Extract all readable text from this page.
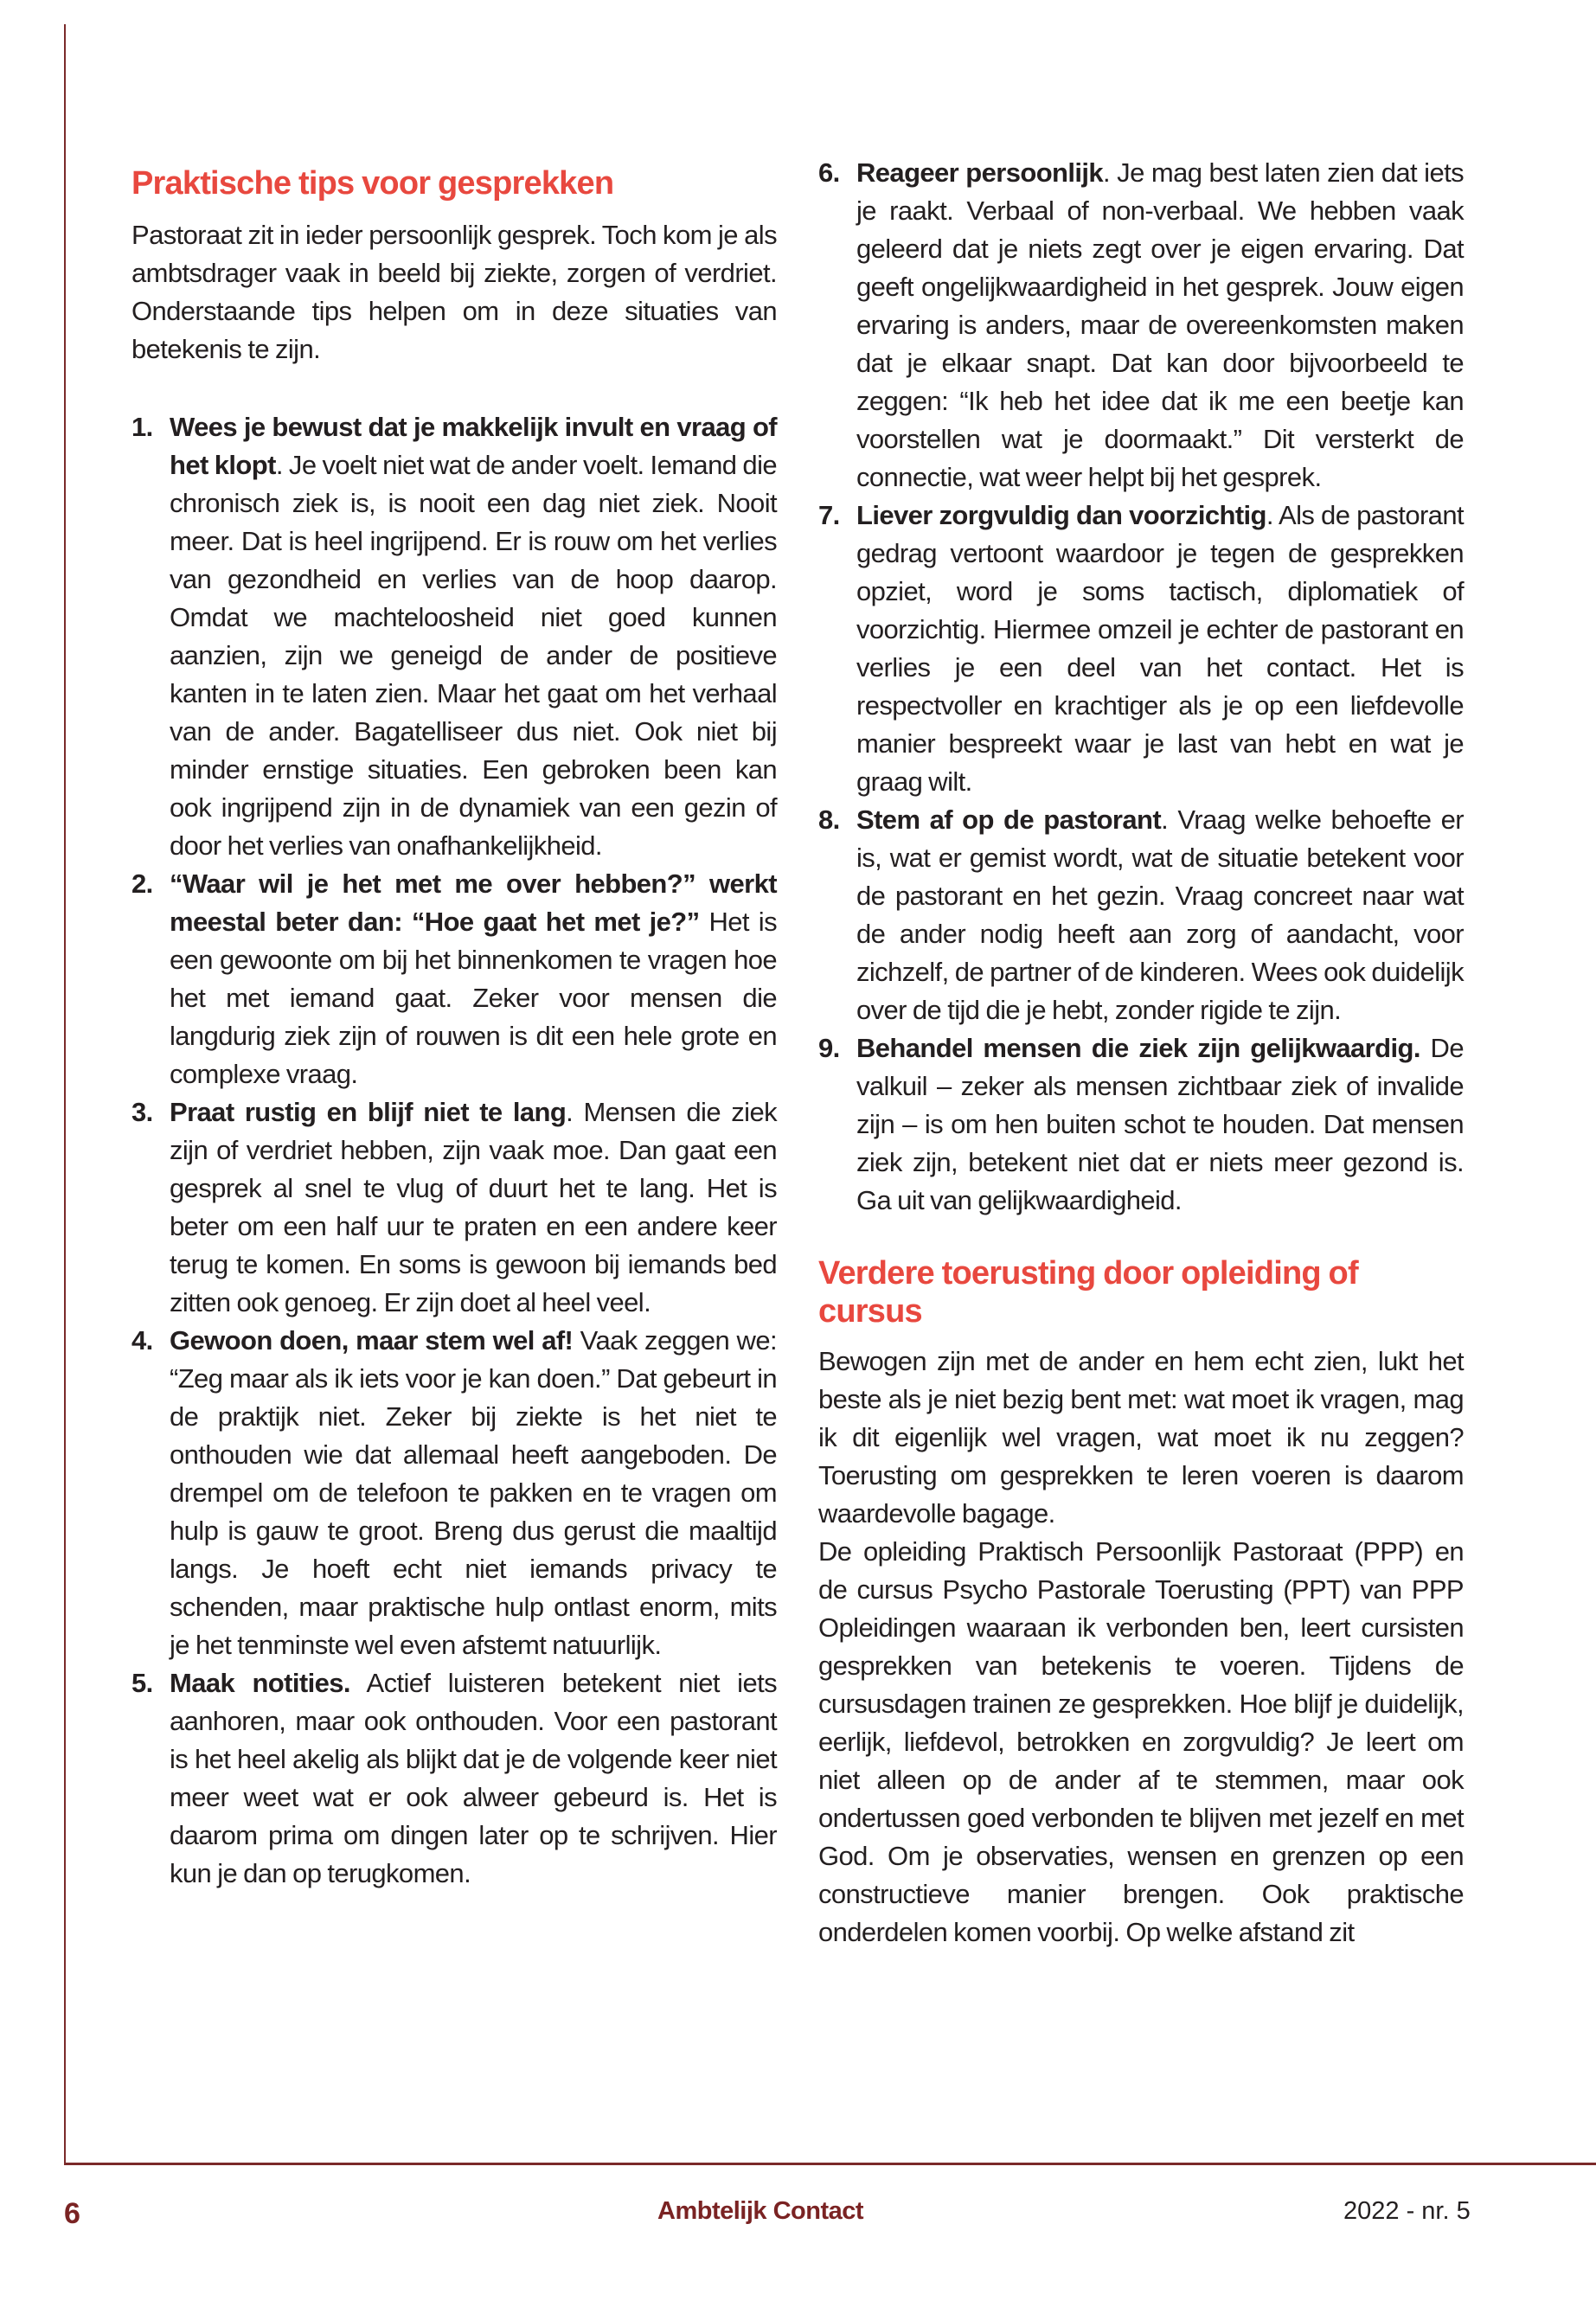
Praktische tips voor gesprekken

Pastoraat zit in ieder persoonlijk gesprek. Toch kom je als ambtsdrager vaak in beeld bij ziekte, zorgen of verdriet. Onderstaande tips helpen om in deze situaties van betekenis te zijn.

1. Wees je bewust dat je makkelijk invult en vraag of het klopt. Je voelt niet wat de ander voelt. Iemand die chronisch ziek is, is nooit een dag niet ziek. Nooit meer. Dat is heel ingrijpend. Er is rouw om het verlies van gezondheid en verlies van de hoop daarop. Omdat we machteloosheid niet goed kunnen aanzien, zijn we geneigd de ander de positieve kanten in te laten zien. Maar het gaat om het verhaal van de ander. Bagatelliseer dus niet. Ook niet bij minder ernstige situaties. Een gebroken been kan ook ingrijpend zijn in de dynamiek van een gezin of door het verlies van onafhankelijkheid.
2. “Waar wil je het met me over hebben?” werkt meestal beter dan: “Hoe gaat het met je?” Het is een gewoonte om bij het binnenkomen te vragen hoe het met iemand gaat. Zeker voor mensen die langdurig ziek zijn of rouwen is dit een hele grote en complexe vraag.
3. Praat rustig en blijf niet te lang. Mensen die ziek zijn of verdriet hebben, zijn vaak moe. Dan gaat een gesprek al snel te vlug of duurt het te lang. Het is beter om een half uur te praten en een andere keer terug te komen. En soms is gewoon bij iemands bed zitten ook genoeg. Er zijn doet al heel veel.
4. Gewoon doen, maar stem wel af! Vaak zeggen we: “Zeg maar als ik iets voor je kan doen.” Dat gebeurt in de praktijk niet. Zeker bij ziekte is het niet te onthouden wie dat allemaal heeft aangeboden. De drempel om de telefoon te pakken en te vragen om hulp is gauw te groot. Breng dus gerust die maaltijd langs. Je hoeft echt niet iemands privacy te schenden, maar praktische hulp ontlast enorm, mits je het tenminste wel even afstemt natuurlijk.
5. Maak notities. Actief luisteren betekent niet iets aanhoren, maar ook onthouden. Voor een pastorant is het heel akelig als blijkt dat je de volgende keer niet meer weet wat er ook alweer gebeurd is. Het is daarom prima om dingen later op te schrijven. Hier kun je dan op terugkomen.
6. Reageer persoonlijk. Je mag best laten zien dat iets je raakt. Verbaal of non-verbaal. We hebben vaak geleerd dat je niets zegt over je eigen ervaring. Dat geeft ongelijkwaardigheid in het gesprek. Jouw eigen ervaring is anders, maar de overeenkomsten maken dat je elkaar snapt. Dat kan door bijvoorbeeld te zeggen: “Ik heb het idee dat ik me een beetje kan voorstellen wat je doormaakt.” Dit versterkt de connectie, wat weer helpt bij het gesprek.
7. Liever zorgvuldig dan voorzichtig. Als de pastorant gedrag vertoont waardoor je tegen de gesprekken opziet, word je soms tactisch, diplomatiek of voorzichtig. Hiermee omzeil je echter de pastorant en verlies je een deel van het contact. Het is respectvoller en krachtiger als je op een liefdevolle manier bespreekt waar je last van hebt en wat je graag wilt.
8. Stem af op de pastorant. Vraag welke behoefte er is, wat er gemist wordt, wat de situatie betekent voor de pastorant en het gezin. Vraag concreet naar wat de ander nodig heeft aan zorg of aandacht, voor zichzelf, de partner of de kinderen. Wees ook duidelijk over de tijd die je hebt, zonder rigide te zijn.
9. Behandel mensen die ziek zijn gelijkwaardig. De valkuil – zeker als mensen zichtbaar ziek of invalide zijn – is om hen buiten schot te houden. Dat mensen ziek zijn, betekent niet dat er niets meer gezond is. Ga uit van gelijkwaardigheid.
Verdere toerusting door opleiding of cursus

Bewogen zijn met de ander en hem echt zien, lukt het beste als je niet bezig bent met: wat moet ik vragen, mag ik dit eigenlijk wel vragen, wat moet ik nu zeggen? Toerusting om gesprekken te leren voeren is daarom waardevolle bagage.

De opleiding Praktisch Persoonlijk Pastoraat (PPP) en de cursus Psycho Pastorale Toerusting (PPT) van PPP Opleidingen waaraan ik verbonden ben, leert cursisten gesprekken van betekenis te voeren. Tijdens de cursusdagen trainen ze gesprekken. Hoe blijf je duidelijk, eerlijk, liefdevol, betrokken en zorgvuldig? Je leert om niet alleen op de ander af te stemmen, maar ook ondertussen goed verbonden te blijven met jezelf en met God. Om je observaties, wensen en grenzen op een constructieve manier brengen. Ook praktische onderdelen komen voorbij. Op welke afstand zit

6	Ambtelijk Contact	2022 - nr. 5
